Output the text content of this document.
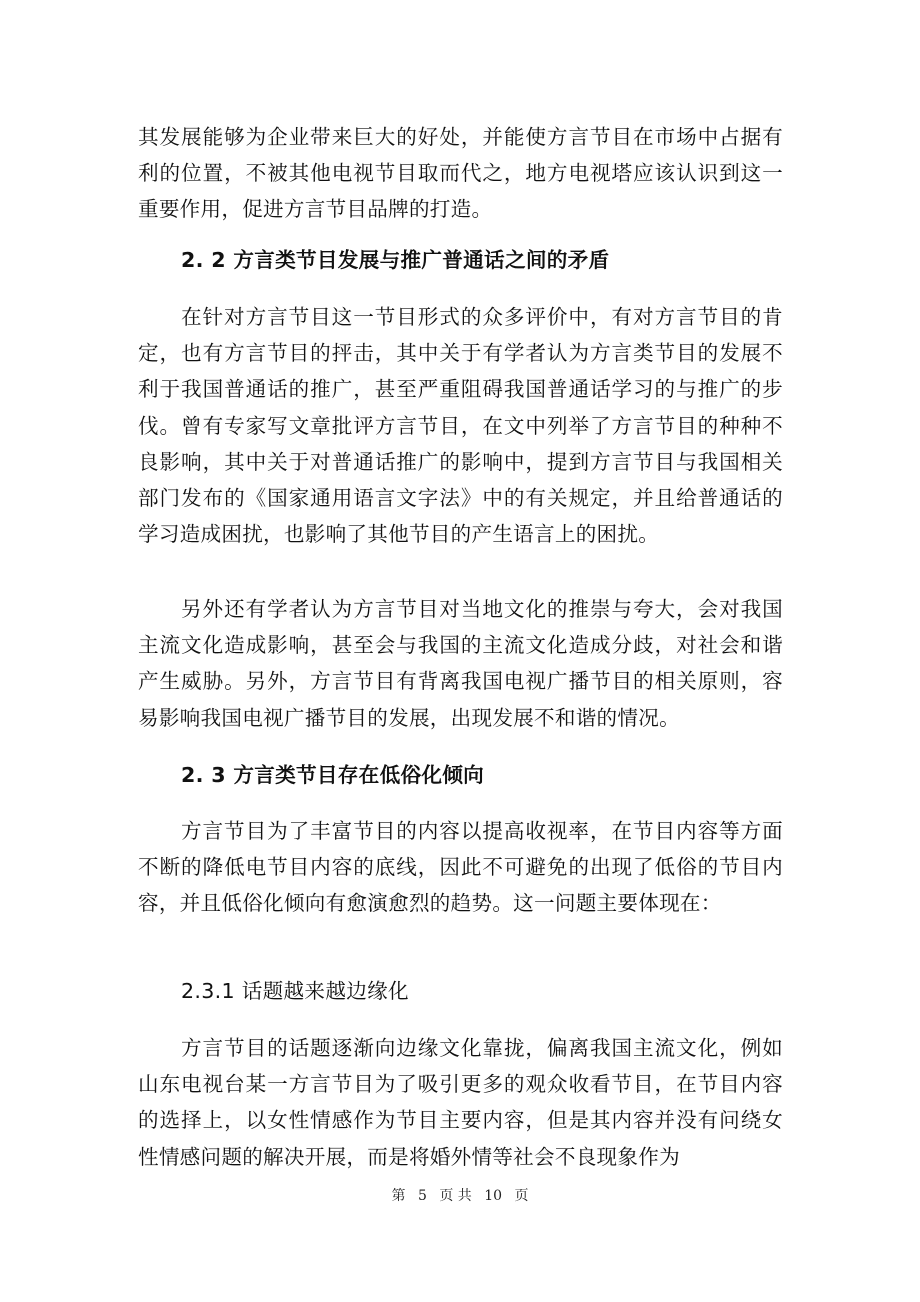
其发展能够为企业带来巨大的好处，并能使方言节目在市场中占据有利的位置，不被其他电视节目取而代之，地方电视塔应该认识到这一重要作用，促进方言节目品牌的打造。

2. 2 方言类节目发展与推广普通话之间的矛盾

在针对方言节目这一节目形式的众多评价中，有对方言节目的肯定，也有方言节目的抨击，其中关于有学者认为方言类节目的发展不利于我国普通话的推广，甚至严重阻碍我国普通话学习的与推广的步伐。曾有专家写文章批评方言节目，在文中列举了方言节目的种种不良影响，其中关于对普通话推广的影响中，提到方言节目与我国相关部门发布的《国家通用语言文字法》中的有关规定，并且给普通话的学习造成困扰，也影响了其他节目的产生语言上的困扰。

另外还有学者认为方言节目对当地文化的推崇与夸大，会对我国主流文化造成影响，甚至会与我国的主流文化造成分歧，对社会和谐产生威胁。另外，方言节目有背离我国电视广播节目的相关原则，容易影响我国电视广播节目的发展，出现发展不和谐的情况。

2. 3 方言类节目存在低俗化倾向

方言节目为了丰富节目的内容以提高收视率，在节目内容等方面不断的降低电节目内容的底线，因此不可避免的出现了低俗的节目内容，并且低俗化倾向有愈演愈烈的趋势。这一问题主要体现在：

2.3.1 话题越来越边缘化

方言节目的话题逐渐向边缘文化靠拢，偏离我国主流文化，例如山东电视台某一方言节目为了吸引更多的观众收看节目，在节目内容的选择上，以女性情感作为节目主要内容，但是其内容并没有问绕女性情感问题的解决开展，而是将婚外情等社会不良现象作为

第 5 页 共 10 页
